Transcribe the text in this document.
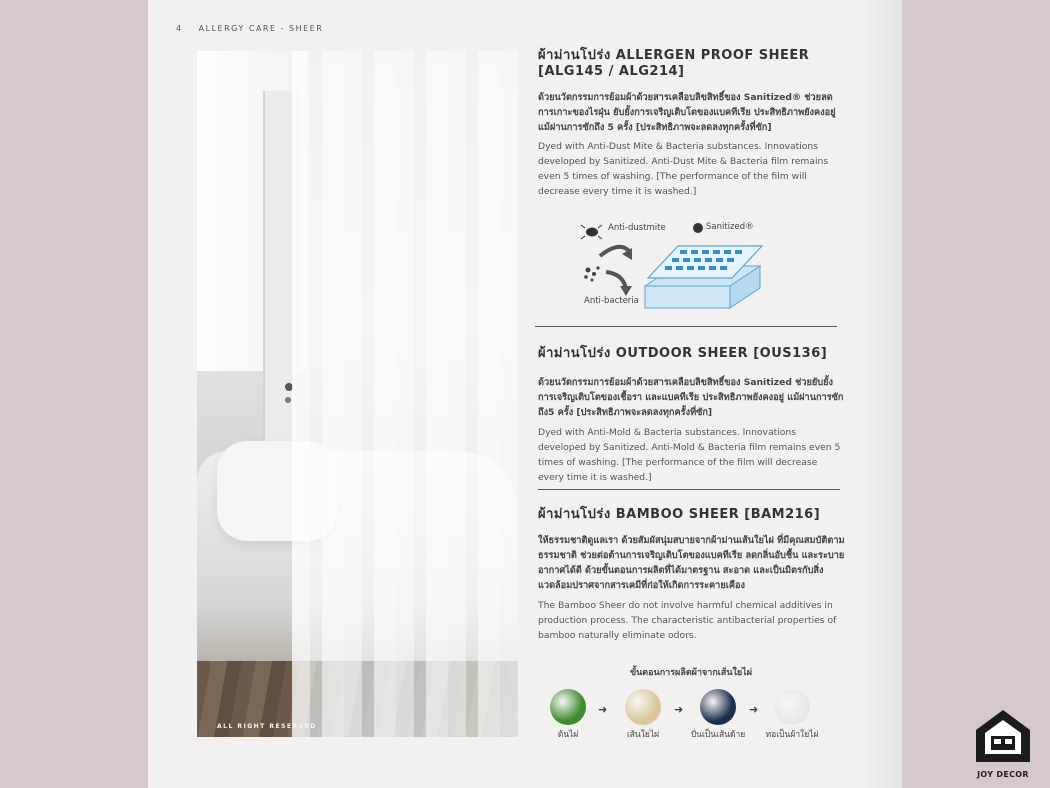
4 ALLERGY CARE - SHEER
ALL RIGHT RESERVED
ผ้าม่านโปร่ง ALLERGEN PROOF SHEER
[ALG145 / ALG214]
ด้วยนวัตกรรมการย้อมผ้าด้วยสารเคลือบลิขสิทธิ์ของ Sanitized® ช่วยลดการเกาะของไรฝุ่น ยับยั้งการเจริญเติบโตของแบคทีเรีย ประสิทธิภาพยังคงอยู่ แม้ผ่านการซักถึง 5 ครั้ง [ประสิทธิภาพจะลดลงทุกครั้งที่ซัก]
Dyed with Anti-Dust Mite & Bacteria substances. Innovations developed by Sanitized. Anti-Dust Mite & Bacteria film remains even 5 times of washing. [The performance of the film will decrease every time it is washed.]
Anti-dustmite	Sanitized®
Anti-bacteria
ผ้าม่านโปร่ง OUTDOOR SHEER [OUS136]
ด้วยนวัตกรรมการย้อมผ้าด้วยสารเคลือบลิขสิทธิ์ของ Sanitized ช่วยยับยั้งการเจริญเติบโตของเชื้อรา และแบคทีเรีย ประสิทธิภาพยังคงอยู่ แม้ผ่านการซักถึง5 ครั้ง [ประสิทธิภาพจะลดลงทุกครั้งที่ซัก]
Dyed with Anti-Mold & Bacteria substances. Innovations developed by Sanitized. Anti-Mold & Bacteria film remains even 5 times of washing. [The performance of the film will decrease every time it is washed.]
ผ้าม่านโปร่ง BAMBOO SHEER [BAM216]
ให้ธรรมชาติดูแลเรา ด้วยสัมผัสนุ่มสบายจากผ้าม่านเส้นใยไผ่ ที่มีคุณสมบัติตามธรรมชาติ ช่วยต่อต้านการเจริญเติบโตของแบคทีเรีย ลดกลิ่นอับชื้น และระบายอากาศได้ดี ด้วยขั้นตอนการผลิตที่ได้มาตรฐาน สะอาด และเป็นมิตรกับสิ่งแวดล้อมปราศจากสารเคมีที่ก่อให้เกิดการระคายเคือง
The Bamboo Sheer do not involve harmful chemical additives in production process. The characteristic antibacterial properties of bamboo naturally eliminate odors.
ขั้นตอนการผลิตผ้าจากเส้นใยไผ่
ต้นไผ่
➜
เส้นใยไผ่
➜
ปั่นเป็นเส้นด้าย
➜
ทอเป็นผ้าใยไผ่
JOY DECOR
